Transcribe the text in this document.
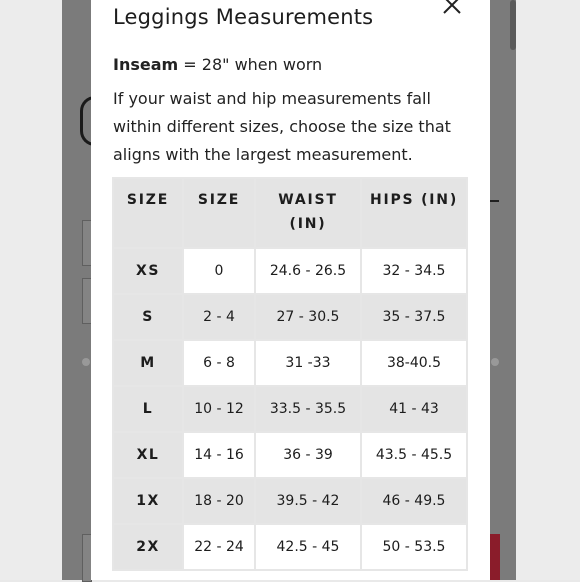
Leggings Measurements
Inseam = 28" when worn
If your waist and hip measurements fall within different sizes, choose the size that aligns with the largest measurement.
SIZE	SIZE	WAIST (IN)	HIPS (IN)
XS	0	24.6 - 26.5	32 - 34.5
S	2 - 4	27 - 30.5	35 - 37.5
M	6 - 8	31 -33	38-40.5
L	10 - 12	33.5 - 35.5	41 - 43
XL	14 - 16	36 - 39	43.5 - 45.5
1X	18 - 20	39.5 - 42	46 - 49.5
2X	22 - 24	42.5 - 45	50 - 53.5
